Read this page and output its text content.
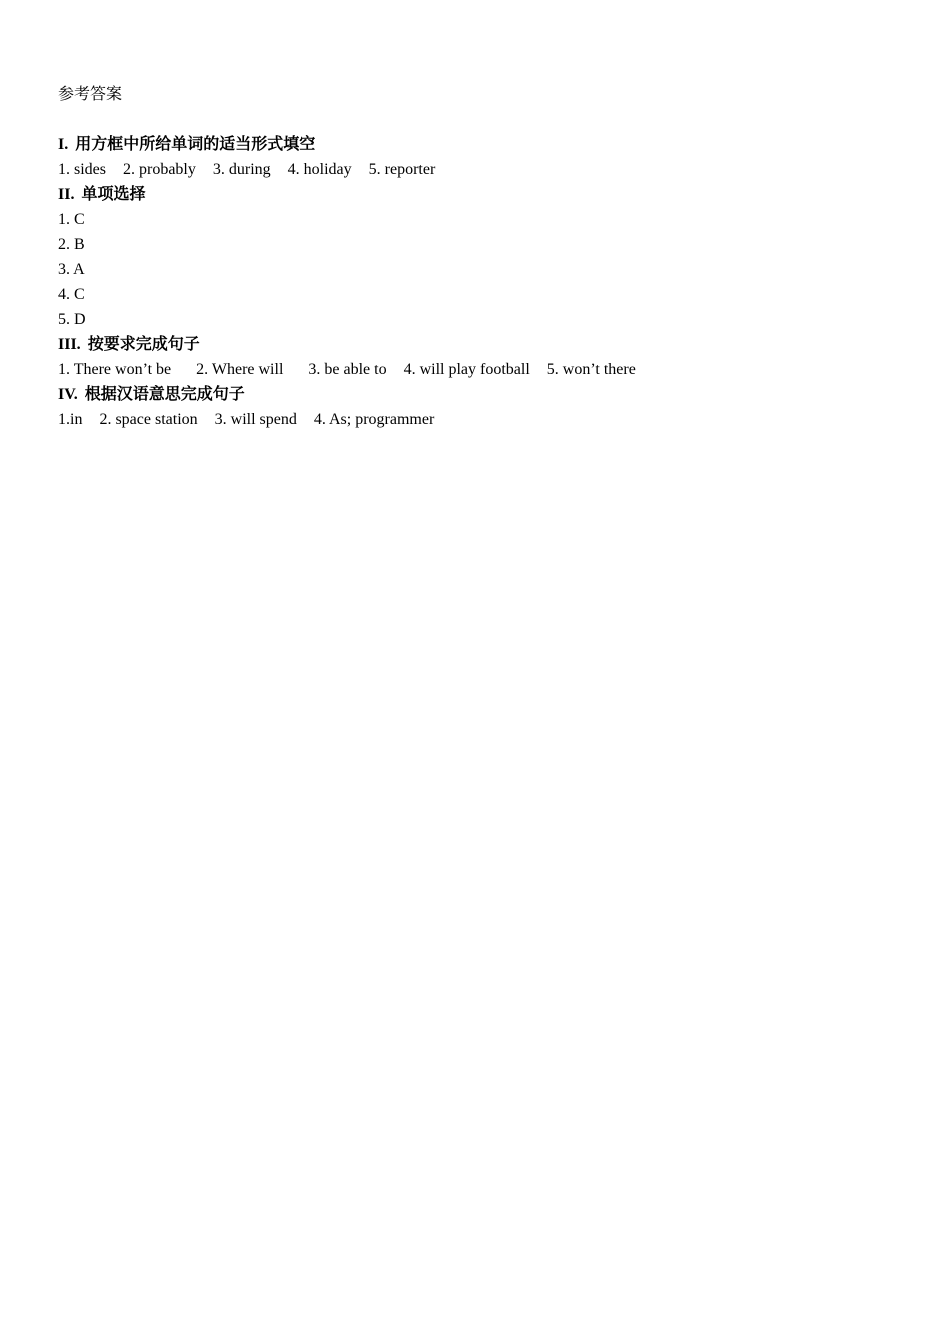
参考答案
I. 用方框中所给单词的适当形式填空
1. sides 2. probably 3. during 4. holiday 5. reporter
II. 单项选择
1. C
2. B
3. A
4. C
5. D
III. 按要求完成句子
1. There won’t be 2. Where will 3. be able to 4. will play football 5. won’t there
IV. 根据汉语意思完成句子
1.in 2. space station 3. will spend 4. As; programmer
